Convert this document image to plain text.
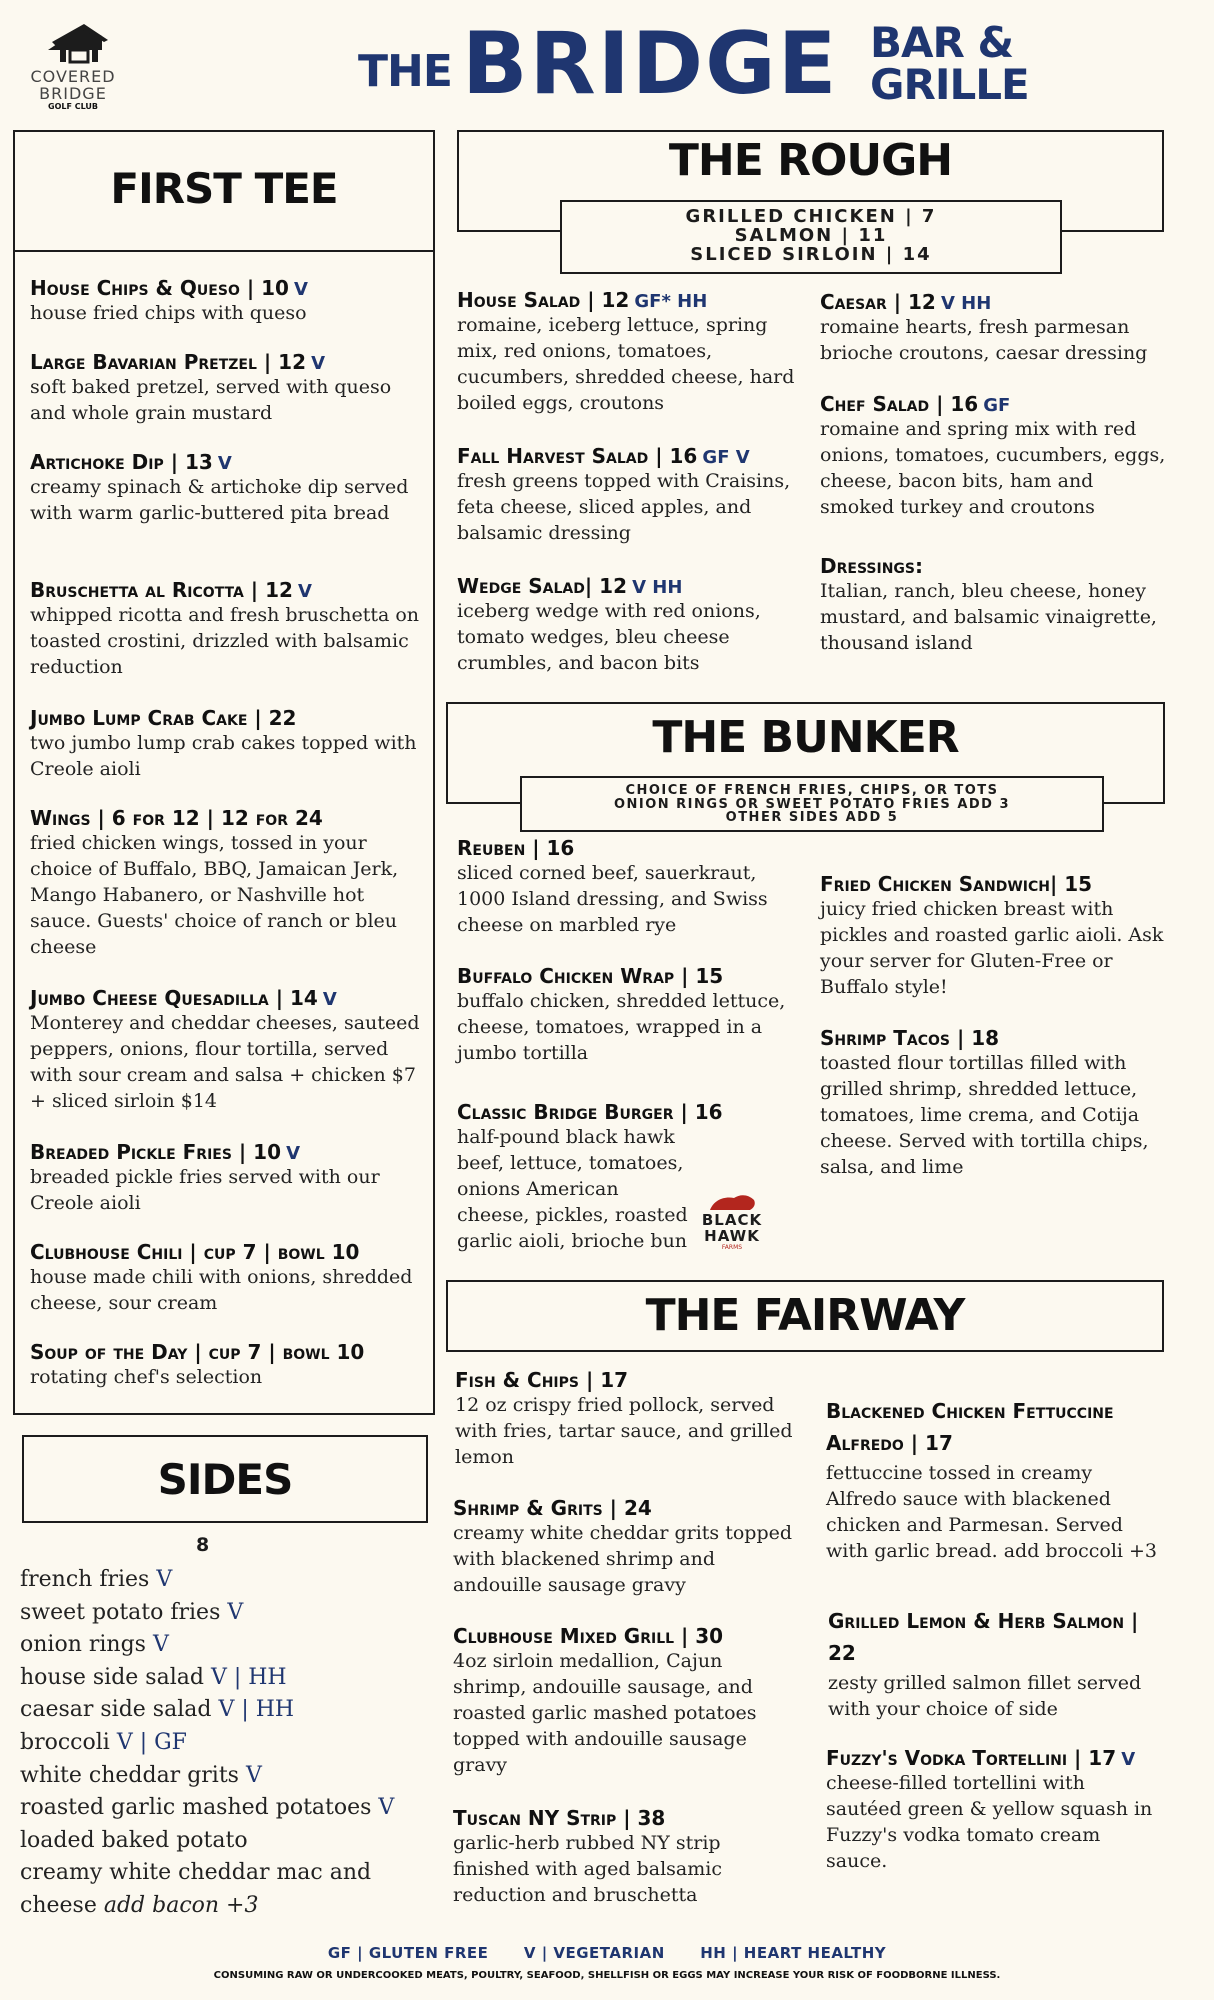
COVERED
BRIDGE
GOLF CLUB
THE BRIDGE BAR &
GRILLE
FIRST TEE
House Chips & Queso | 10 V
house fried chips with queso
Large Bavarian Pretzel | 12 V
soft baked pretzel, served with queso and whole grain mustard
Artichoke Dip | 13 V
creamy spinach & artichoke dip served with warm garlic-buttered pita bread
Bruschetta al Ricotta | 12 V
whipped ricotta and fresh bruschetta on toasted crostini, drizzled with balsamic reduction
Jumbo Lump Crab Cake | 22
two jumbo lump crab cakes topped with Creole aioli
Wings | 6 for 12 | 12 for 24
fried chicken wings, tossed in your choice of Buffalo, BBQ, Jamaican Jerk, Mango Habanero, or Nashville hot sauce. Guests' choice of ranch or bleu cheese
Jumbo Cheese Quesadilla | 14 V
Monterey and cheddar cheeses, sauteed peppers, onions, flour tortilla, served with sour cream and salsa + chicken $7 + sliced sirloin $14
Breaded Pickle Fries | 10 V
breaded pickle fries served with our Creole aioli
Clubhouse Chili | cup 7 | bowl 10
house made chili with onions, shredded cheese, sour cream
Soup of the Day | cup 7 | bowl 10
rotating chef's selection
SIDES
8
french fries V
sweet potato fries V
onion rings V
house side salad V | HH
caesar side salad V | HH
broccoli V | GF
white cheddar grits V
roasted garlic mashed potatoes V
loaded baked potato
creamy white cheddar mac and
cheese add bacon +3
THE ROUGH
GRILLED CHICKEN | 7
SALMON | 11
SLICED SIRLOIN | 14
House Salad | 12 GF* HH
romaine, iceberg lettuce, spring mix, red onions, tomatoes, cucumbers, shredded cheese, hard boiled eggs, croutons
Fall Harvest Salad | 16 GF V
fresh greens topped with Craisins, feta cheese, sliced apples, and balsamic dressing
Wedge Salad| 12 V HH
iceberg wedge with red onions, tomato wedges, bleu cheese crumbles, and bacon bits
Caesar | 12 V HH
romaine hearts, fresh parmesan brioche croutons, caesar dressing
Chef Salad | 16 GF
romaine and spring mix with red onions, tomatoes, cucumbers, eggs, cheese, bacon bits, ham and smoked turkey and croutons
Dressings:
Italian, ranch, bleu cheese, honey mustard, and balsamic vinaigrette, thousand island
THE BUNKER
CHOICE OF FRENCH FRIES, CHIPS, OR TOTS
ONION RINGS OR SWEET POTATO FRIES ADD 3
OTHER SIDES ADD 5
Reuben | 16
sliced corned beef, sauerkraut, 1000 Island dressing, and Swiss cheese on marbled rye
Buffalo Chicken Wrap | 15
buffalo chicken, shredded lettuce, cheese, tomatoes, wrapped in a jumbo tortilla
Classic Bridge Burger | 16
half-pound black hawk beef, lettuce, tomatoes, onions American cheese, pickles, roasted garlic aioli, brioche bun
BLACK
HAWK
FARMS
Fried Chicken Sandwich| 15
juicy fried chicken breast with pickles and roasted garlic aioli. Ask your server for Gluten-Free or Buffalo style!
Shrimp Tacos | 18
toasted flour tortillas filled with grilled shrimp, shredded lettuce, tomatoes, lime crema, and Cotija cheese. Served with tortilla chips, salsa, and lime
THE FAIRWAY
Fish & Chips | 17
12 oz crispy fried pollock, served with fries, tartar sauce, and grilled lemon
Shrimp & Grits | 24
creamy white cheddar grits topped with blackened shrimp and andouille sausage gravy
Clubhouse Mixed Grill | 30
4oz sirloin medallion, Cajun shrimp, andouille sausage, and roasted garlic mashed potatoes topped with andouille sausage gravy
Tuscan NY Strip | 38
garlic-herb rubbed NY strip finished with aged balsamic reduction and bruschetta
Blackened Chicken Fettuccine Alfredo | 17
fettuccine tossed in creamy Alfredo sauce with blackened chicken and Parmesan. Served with garlic bread. add broccoli +3
Grilled Lemon & Herb Salmon | 22
zesty grilled salmon fillet served with your choice of side
Fuzzy's Vodka Tortellini | 17 V
cheese-filled tortellini with sautéed green & yellow squash in Fuzzy's vodka tomato cream sauce.
GF | GLUTEN FREE V | VEGETARIAN HH | HEART HEALTHY
CONSUMING RAW OR UNDERCOOKED MEATS, POULTRY, SEAFOOD, SHELLFISH OR EGGS MAY INCREASE YOUR RISK OF FOODBORNE ILLNESS.
